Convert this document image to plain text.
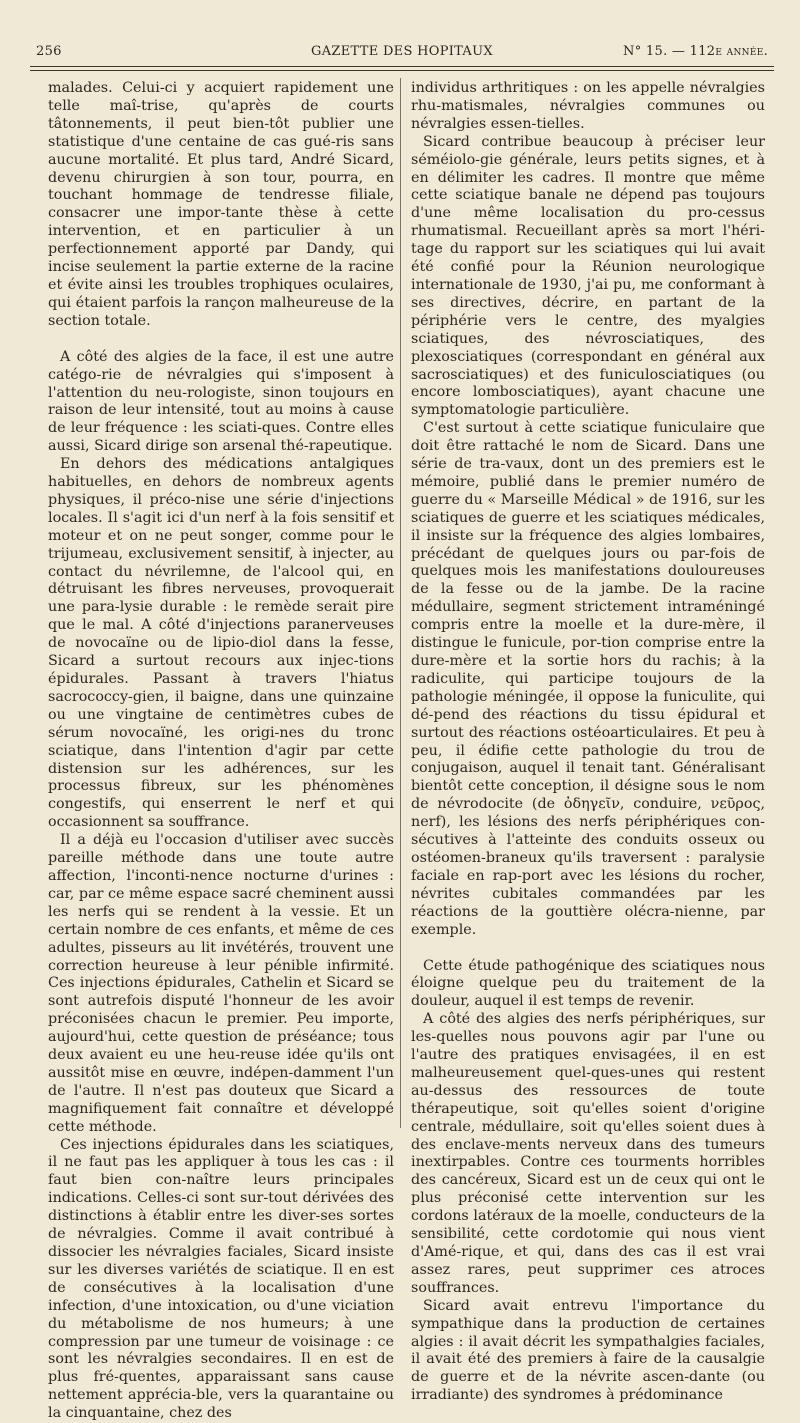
256	GAZETTE DES HOPITAUX	N° 15. — 112e année.

malades. Celui-ci y acquiert rapidement une telle maî-trise, qu'après de courts tâtonnements, il peut bien-tôt publier une statistique d'une centaine de cas gué-ris sans aucune mortalité. Et plus tard, André Sicard, devenu chirurgien à son tour, pourra, en touchant hommage de tendresse filiale, consacrer une impor-tante thèse à cette intervention, et en particulier à un perfectionnement apporté par Dandy, qui incise seulement la partie externe de la racine et évite ainsi les troubles trophiques oculaires, qui étaient parfois la rançon malheureuse de la section totale.

A côté des algies de la face, il est une autre catégo-rie de névralgies qui s'imposent à l'attention du neu-rologiste, sinon toujours en raison de leur intensité, tout au moins à cause de leur fréquence : les sciati-ques. Contre elles aussi, Sicard dirige son arsenal thé-rapeutique.

En dehors des médications antalgiques habituelles, en dehors de nombreux agents physiques, il préco-nise une série d'injections locales. Il s'agit ici d'un nerf à la fois sensitif et moteur et on ne peut songer, comme pour le trijumeau, exclusivement sensitif, à injecter, au contact du névrilemne, de l'alcool qui, en détruisant les fibres nerveuses, provoquerait une para-lysie durable : le remède serait pire que le mal. A côté d'injections paranerveuses de novocaïne ou de lipio-diol dans la fesse, Sicard a surtout recours aux injec-tions épidurales. Passant à travers l'hiatus sacrococcy-gien, il baigne, dans une quinzaine ou une vingtaine de centimètres cubes de sérum novocaïné, les origi-nes du tronc sciatique, dans l'intention d'agir par cette distension sur les adhérences, sur les processus fibreux, sur les phénomènes congestifs, qui enserrent le nerf et qui occasionnent sa souffrance.

Il a déjà eu l'occasion d'utiliser avec succès pareille méthode dans une toute autre affection, l'inconti-nence nocturne d'urines : car, par ce même espace sacré cheminent aussi les nerfs qui se rendent à la vessie. Et un certain nombre de ces enfants, et même de ces adultes, pisseurs au lit invétérés, trouvent une correction heureuse à leur pénible infirmité. Ces injections épidurales, Cathelin et Sicard se sont autrefois disputé l'honneur de les avoir préconisées chacun le premier. Peu importe, aujourd'hui, cette question de préséance; tous deux avaient eu une heu-reuse idée qu'ils ont aussitôt mise en œuvre, indépen-damment l'un de l'autre. Il n'est pas douteux que Sicard a magnifiquement fait connaître et développé cette méthode.

Ces injections épidurales dans les sciatiques, il ne faut pas les appliquer à tous les cas : il faut bien con-naître leurs principales indications. Celles-ci sont sur-tout dérivées des distinctions à établir entre les diver-ses sortes de névralgies. Comme il avait contribué à dissocier les névralgies faciales, Sicard insiste sur les diverses variétés de sciatique. Il en est de consécutives à la localisation d'une infection, d'une intoxication, ou d'une viciation du métabolisme de nos humeurs; à une compression par une tumeur de voisinage : ce sont les névralgies secondaires. Il en est de plus fré-quentes, apparaissant sans cause nettement apprécia-ble, vers la quarantaine ou la cinquantaine, chez des

individus arthritiques : on les appelle névralgies rhu-matismales, névralgies communes ou névralgies essen-tielles.

Sicard contribue beaucoup à préciser leur séméiolo-gie générale, leurs petits signes, et à en délimiter les cadres. Il montre que même cette sciatique banale ne dépend pas toujours d'une même localisation du pro-cessus rhumatismal. Recueillant après sa mort l'héri-tage du rapport sur les sciatiques qui lui avait été confié pour la Réunion neurologique internationale de 1930, j'ai pu, me conformant à ses directives, décrire, en partant de la périphérie vers le centre, des myalgies sciatiques, des névrosciatiques, des plexosciatiques (correspondant en général aux sacrosciatiques) et des funiculosciatiques (ou encore lombosciatiques), ayant chacune une symptomatologie particulière.

C'est surtout à cette sciatique funiculaire que doit être rattaché le nom de Sicard. Dans une série de tra-vaux, dont un des premiers est le mémoire, publié dans le premier numéro de guerre du « Marseille Médical » de 1916, sur les sciatiques de guerre et les sciatiques médicales, il insiste sur la fréquence des algies lombaires, précédant de quelques jours ou par-fois de quelques mois les manifestations douloureuses de la fesse ou de la jambe. De la racine médullaire, segment strictement intraméningé compris entre la moelle et la dure-mère, il distingue le funicule, por-tion comprise entre la dure-mère et la sortie hors du rachis; à la radiculite, qui participe toujours de la pathologie méningée, il oppose la funiculite, qui dé-pend des réactions du tissu épidural et surtout des réactions ostéoarticulaires. Et peu à peu, il édifie cette pathologie du trou de conjugaison, auquel il tenait tant. Généralisant bientôt cette conception, il désigne sous le nom de névrodocite (de ὀδηγεῖν, conduire, νεῦρος, nerf), les lésions des nerfs périphériques con-sécutives à l'atteinte des conduits osseux ou ostéomen-braneux qu'ils traversent : paralysie faciale en rap-port avec les lésions du rocher, névrites cubitales commandées par les réactions de la gouttière olécra-nienne, par exemple.

Cette étude pathogénique des sciatiques nous éloigne quelque peu du traitement de la douleur, auquel il est temps de revenir.

A côté des algies des nerfs périphériques, sur les-quelles nous pouvons agir par l'une ou l'autre des pratiques envisagées, il en est malheureusement quel-ques-unes qui restent au-dessus des ressources de toute thérapeutique, soit qu'elles soient d'origine centrale, médullaire, soit qu'elles soient dues à des enclave-ments nerveux dans des tumeurs inextirpables. Contre ces tourments horribles des cancéreux, Sicard est un de ceux qui ont le plus préconisé cette intervention sur les cordons latéraux de la moelle, conducteurs de la sensibilité, cette cordotomie qui nous vient d'Amé-rique, et qui, dans des cas il est vrai assez rares, peut supprimer ces atroces souffrances.

Sicard avait entrevu l'importance du sympathique dans la production de certaines algies : il avait décrit les sympathalgies faciales, il avait été des premiers à faire de la causalgie de guerre et de la névrite ascen-dante (ou irradiante) des syndromes à prédominance
